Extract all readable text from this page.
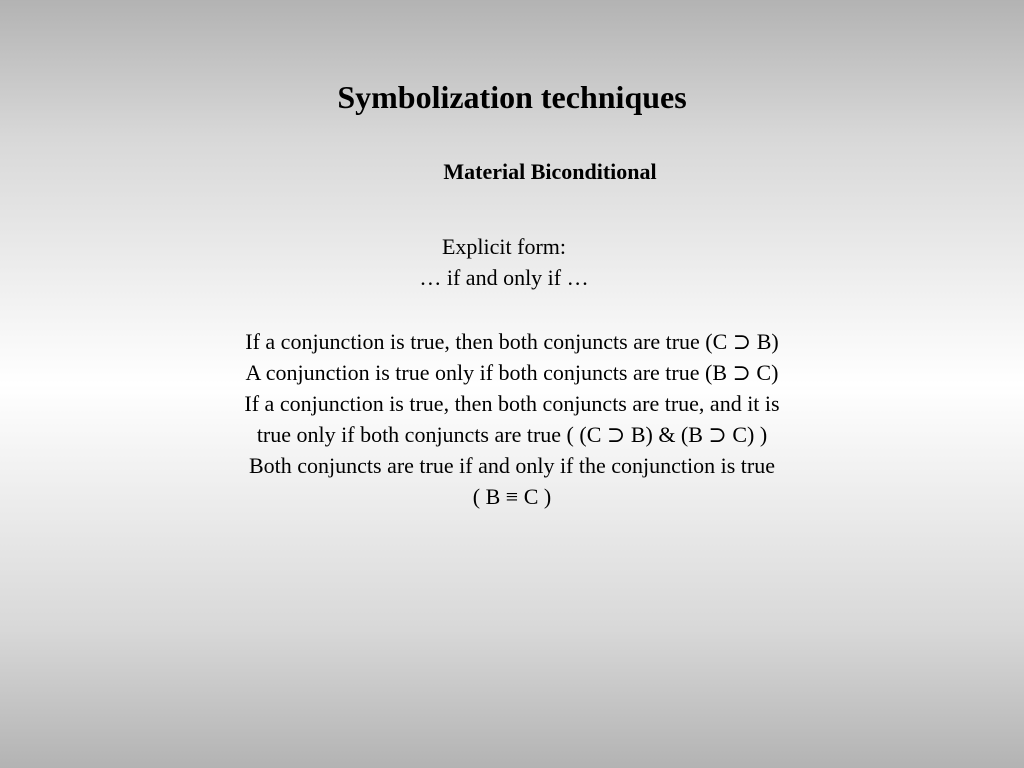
Symbolization techniques
Material Biconditional
Explicit form:
… if and only if …
If a conjunction is true, then both conjuncts are true (C ⊃ B)
A conjunction is true only if both conjuncts are true (B ⊃ C)
If a conjunction is true, then both conjuncts are true, and it is
true only if both conjuncts are true ( (C ⊃ B) & (B ⊃ C) )
Both conjuncts are true if and only if the conjunction is true
( B ≡ C )
